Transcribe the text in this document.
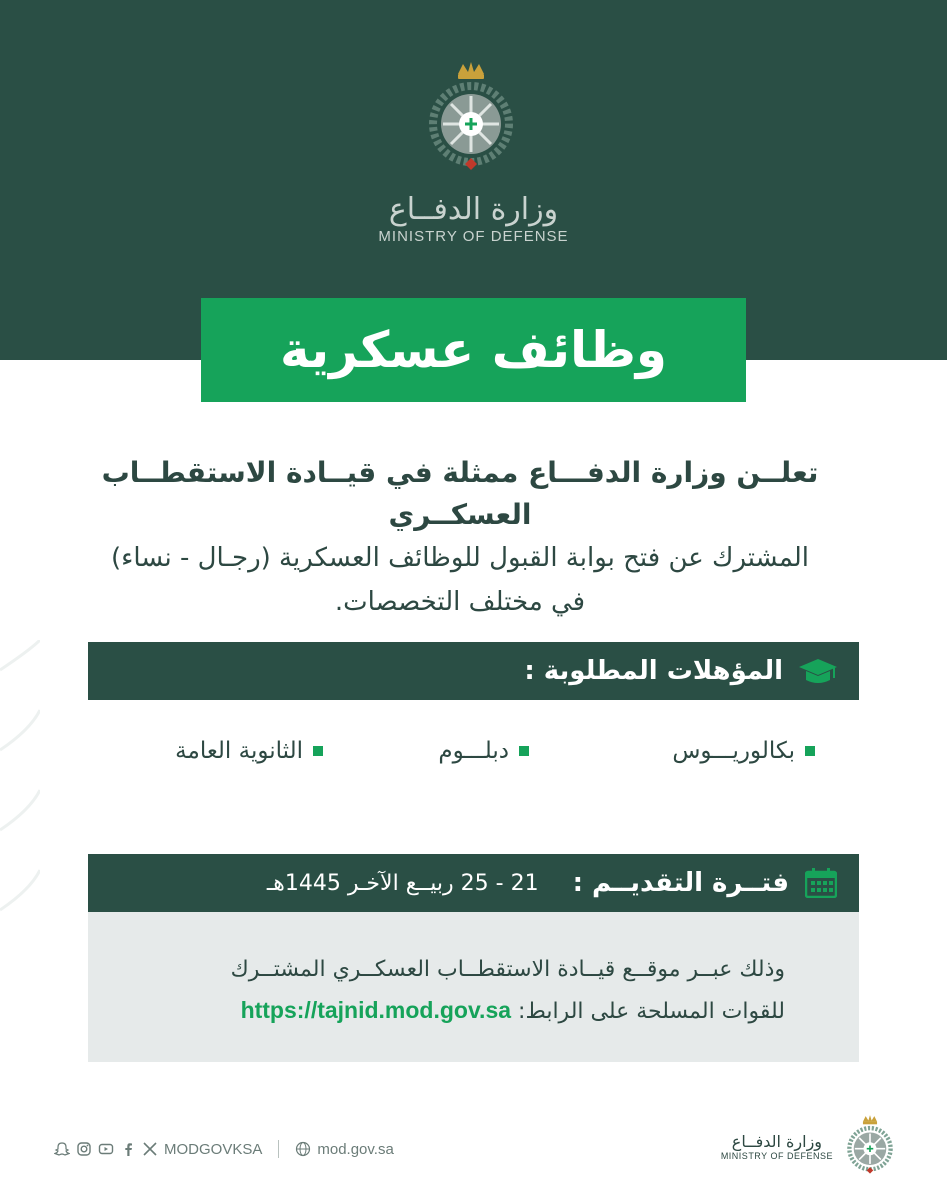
وزارة الدفــاع
MINISTRY OF DEFENSE
وظائف عسكرية
تعلــن وزارة الدفـــاع ممثلة في قيــادة الاستقطــاب العسكــري
المشترك عن فتح بوابة القبول للوظائف العسكرية (رجـال - نساء)
في مختلف التخصصات.
المؤهلات المطلوبة :
بكالوريـــوس
دبلـــوم
الثانوية العامة
فتــرة التقديــم :
21 - 25 ربيــع الآخـر 1445هـ
وذلك عبــر موقــع قيــادة الاستقطــاب العسكــري المشتــرك
للقوات المسلحة على الرابط: https://tajnid.mod.gov.sa
MODGOVKSA	mod.gov.sa	وزارة الدفــاع
MINISTRY OF DEFENSE
